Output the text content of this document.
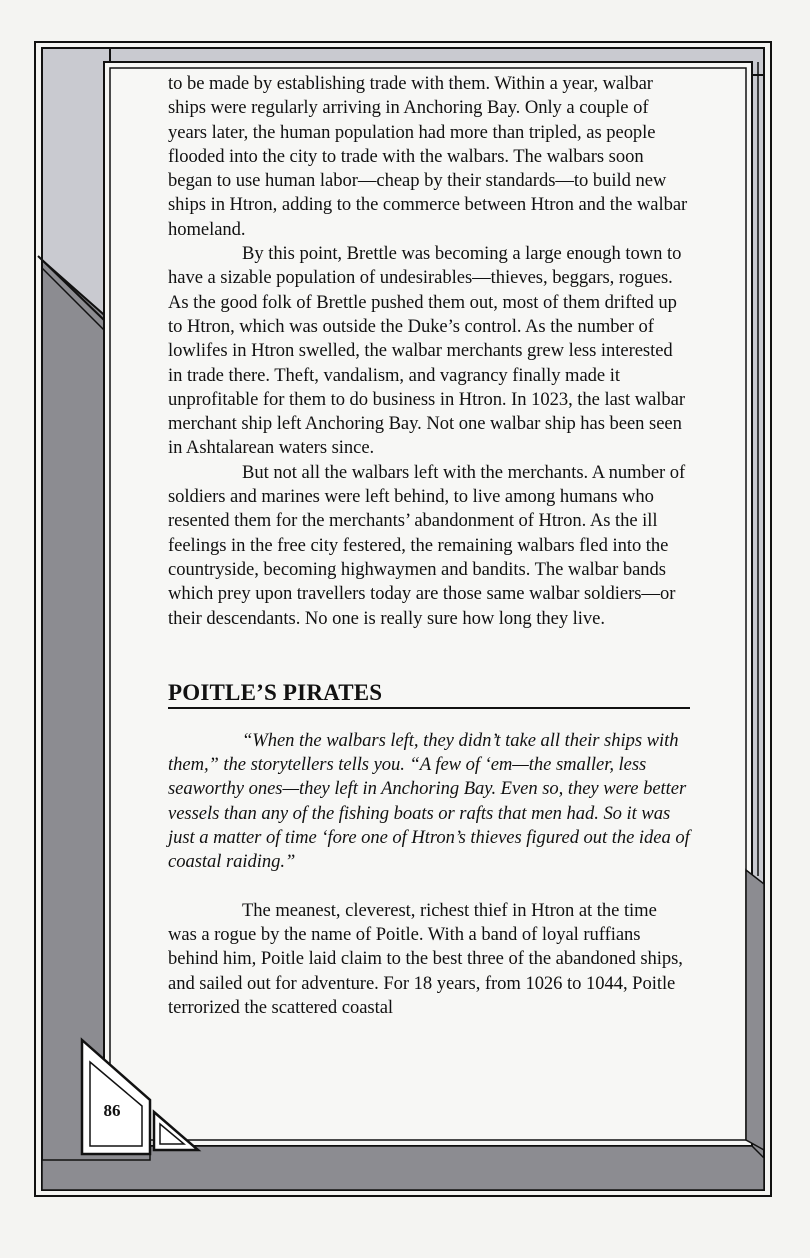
86

to be made by establishing trade with them. Within a year, walbar ships were regularly arriving in Anchoring Bay. Only a couple of years later, the human population had more than tripled, as people flooded into the city to trade with the walbars. The walbars soon began to use human labor—cheap by their standards—to build new ships in Htron, adding to the commerce between Htron and the walbar homeland.

By this point, Brettle was becoming a large enough town to have a sizable population of undesirables—thieves, beggars, rogues. As the good folk of Brettle pushed them out, most of them drifted up to Htron, which was outside the Duke’s control. As the number of lowlifes in Htron swelled, the walbar merchants grew less interested in trade there. Theft, vandalism, and vagrancy finally made it unprofitable for them to do business in Htron. In 1023, the last walbar merchant ship left Anchoring Bay. Not one walbar ship has been seen in Ashtalarean waters since.

But not all the walbars left with the merchants. A number of soldiers and marines were left behind, to live among humans who resented them for the merchants’ abandonment of Htron. As the ill feelings in the free city festered, the remaining walbars fled into the countryside, becoming highwaymen and bandits. The walbar bands which prey upon travellers today are those same walbar soldiers—or their descendants. No one is really sure how long they live.

POITLE’S PIRATES

“When the walbars left, they didn’t take all their ships with them,” the storytellers tells you. “A few of ‘em—the smaller, less seaworthy ones—they left in Anchoring Bay. Even so, they were better vessels than any of the fishing boats or rafts that men had. So it was just a matter of time ‘fore one of Htron’s thieves figured out the idea of coastal raiding.”

The meanest, cleverest, richest thief in Htron at the time was a rogue by the name of Poitle. With a band of loyal ruffians behind him, Poitle laid claim to the best three of the abandoned ships, and sailed out for adventure. For 18 years, from 1026 to 1044, Poitle terrorized the scattered coastal
